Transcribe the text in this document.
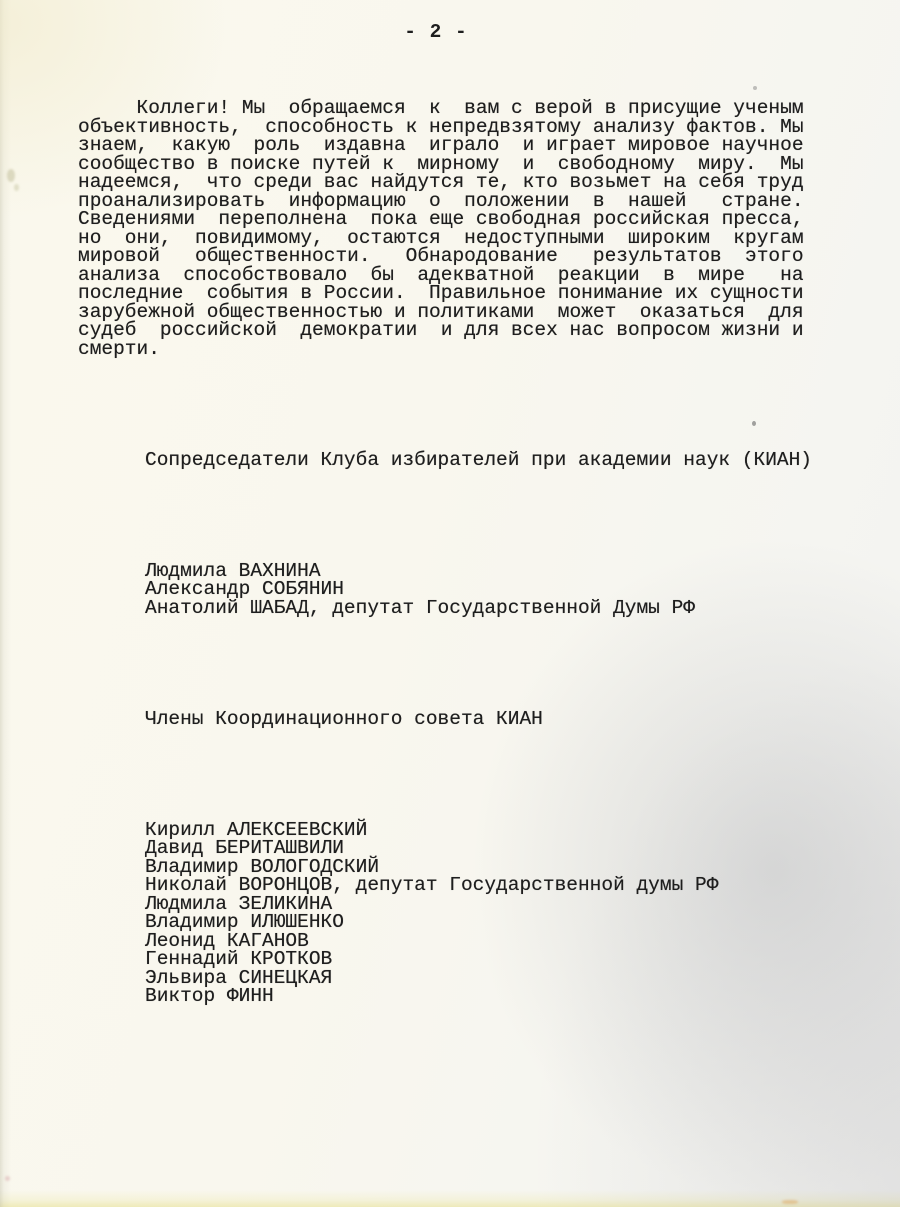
- 2 -

Коллеги! Мы  обращаемся  к  вам с верой в присущие ученым
объективность,  способность к непредвзятому анализу фактов. Мы
знаем,  какую  роль  издавна  играло  и играет мировое научное
сообщество в поиске путей к  мирному  и  свободному  миру.  Мы
надеемся,  что среди вас найдутся те, кто возьмет на себя труд
проанализировать  информацию  о  положении  в  нашей   стране.
Сведениями  переполнена  пока еще свободная российская пресса,
но  они,  повидимому,  остаются  недоступными  широким  кругам
мировой   общественности.   Обнародование   результатов  этого
анализа  способствовало  бы  адекватной  реакции  в  мире   на
последние  события в России.  Правильное понимание их сущности
зарубежной общественностью и политиками  может  оказаться  для
судеб  российской  демократии  и для всех нас вопросом жизни и
смерти.

Сопредседатели Клуба избирателей при академии наук (КИАН)

Людмила ВАХНИНА
Александр СОБЯНИН
Анатолий ШАБАД, депутат Государственной Думы РФ

Члены Координационного совета КИАН

Кирилл АЛЕКСЕЕВСКИЙ
Давид БЕРИТАШВИЛИ
Владимир ВОЛОГОДСКИЙ
Николай ВОРОНЦОВ, депутат Государственной думы РФ
Людмила ЗЕЛИКИНА
Владимир ИЛЮШЕНКО
Леонид КАГАНОВ
Геннадий КРОТКОВ
Эльвира СИНЕЦКАЯ
Виктор ФИНН
